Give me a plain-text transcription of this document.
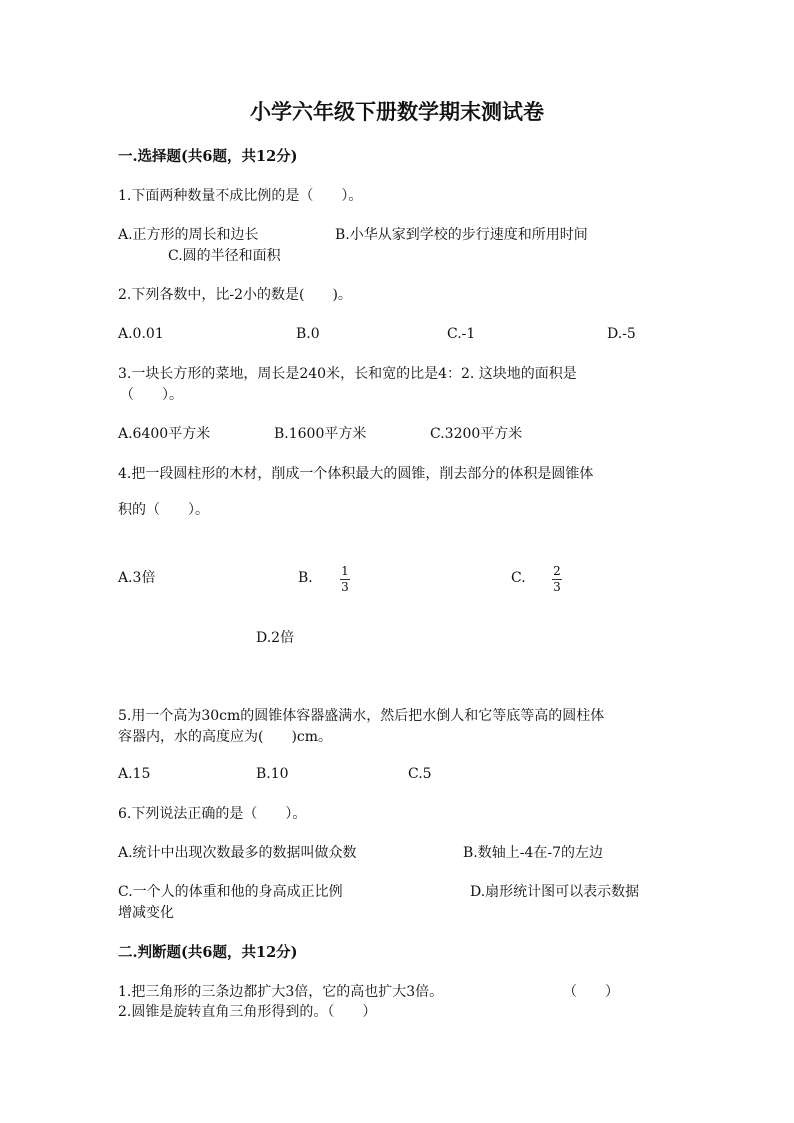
小学六年级下册数学期末测试卷
一.选择题(共6题，共12分)
1.下面两种数量不成比例的是（　　）。
A.正方形的周长和边长	B.小华从家到学校的步行速度和所用时间
C.圆的半径和面积
2.下列各数中，比-2小的数是(　　)。
A.0.01	B.0	C.-1	D.-5
3.一块长方形的菜地，周长是240米，长和宽的比是4：2. 这块地的面积是
（　　）。
A.6400平方米	B.1600平方米	C.3200平方米
4.把一段圆柱形的木材，削成一个体积最大的圆锥，削去部分的体积是圆锥体
积的（　　）。
A.3倍	B. 1
3
C. 2
3
D.2倍
5.用一个高为30cm的圆锥体容器盛满水，然后把水倒人和它等底等高的圆柱体
容器内，水的高度应为(　　)cm。
A.15	B.10	C.5
6.下列说法正确的是（　　）。
A.统计中出现次数最多的数据叫做众数	B.数轴上-4在-7的左边
C.一个人的体重和他的身高成正比例	D.扇形统计图可以表示数据
增减变化
二.判断题(共6题，共12分)
1.把三角形的三条边都扩大3倍，它的高也扩大3倍。	（　　）
2.圆锥是旋转直角三角形得到的。（　　）
